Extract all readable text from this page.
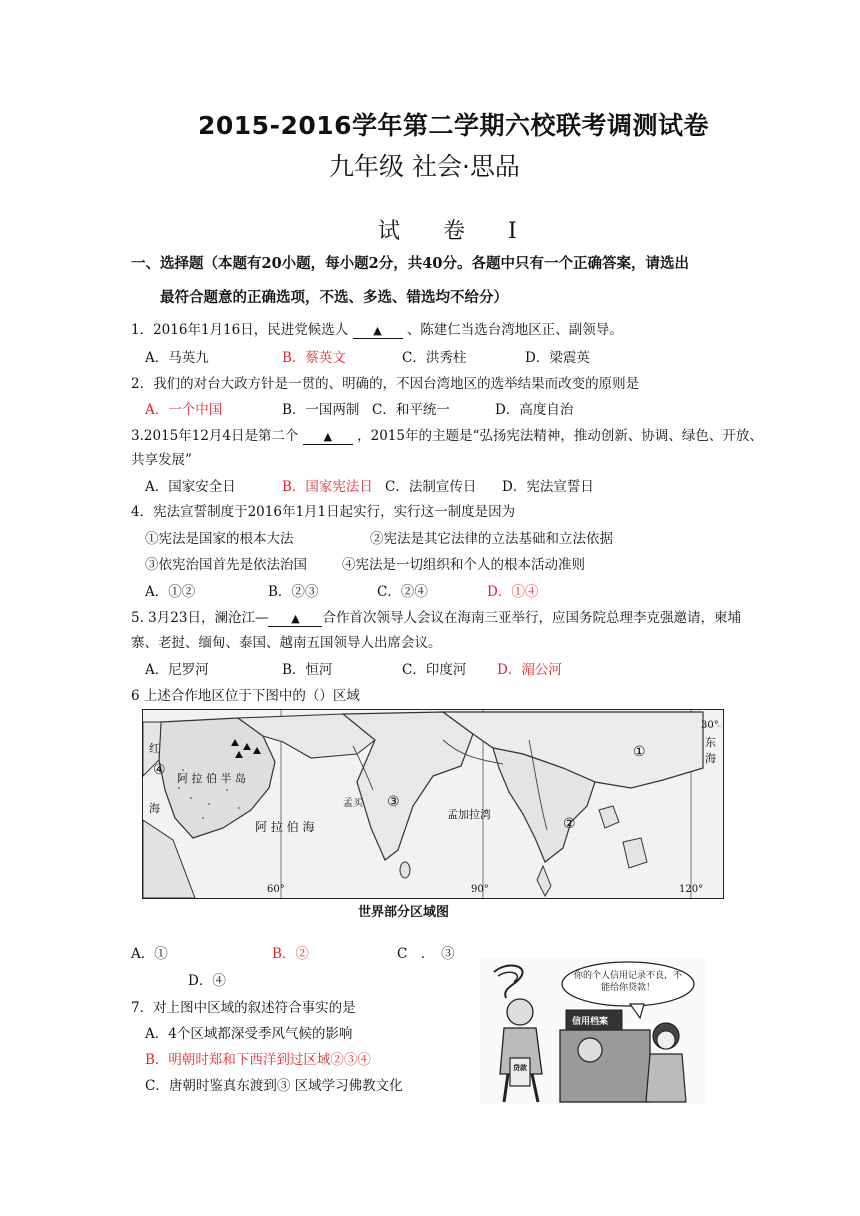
2015-2016学年第二学期六校联考调测试卷
九年级 社会·思品
试 卷 I
一、选择题（本题有20小题，每小题2分，共40分。各题中只有一个正确答案，请选出
最符合题意的正确选项，不选、多选、错选均不给分）
1．2016年1月16日，民进党候选人 ▲ 、陈建仁当选台湾地区正、副领导。
A．马英九	B．蔡英文	C．洪秀柱	D．梁震英
2．我们的对台大政方针是一贯的、明确的，不因台湾地区的选举结果而改变的原则是
A．一个中国	B．一国两制 C．和平统一	D．高度自治
3.2015年12月4日是第二个 ▲ ，2015年的主题是“弘扬宪法精神，推动创新、协调、绿色、开放、
共享发展”
A．国家安全日	B．国家宪法日 C．法制宣传日 D．宪法宣誓日
4．宪法宣誓制度于2016年1月1日起实行，实行这一制度是因为
①宪法是国家的根本大法	②宪法是其它法律的立法基础和立法依据
③依宪治国首先是依法治国	④宪法是一切组织和个人的根本活动准则
A．①②	B．②③	C．②④	D．①④
5. 3月23日，澜沧江— ▲ 合作首次领导人会议在海南三亚举行，应国务院总理李克强邀请，柬埔
寨、老挝、缅甸、泰国、越南五国领导人出席会议。
A．尼罗河	B．恒河	C．印度河 D．湄公河
6 上述合作地区位于下图中的（）区域
红
④
阿 拉 伯 半 岛
海
阿 拉 伯 海
孟买 ③
孟加拉湾
②
①
30°
东
海
60°	90°	120°
世界部分区域图
A．①	B．②	C　．　③
D．④
7．对上图中区域的叙述符合事实的是
A．4个区域都深受季风气候的影响
B．明朝时郑和下西洋到过区域②③④
C．唐朝时鉴真东渡到③ 区域学习佛教文化
你的个人信用记录不良，不能给你贷款！
信用档案
贷款
